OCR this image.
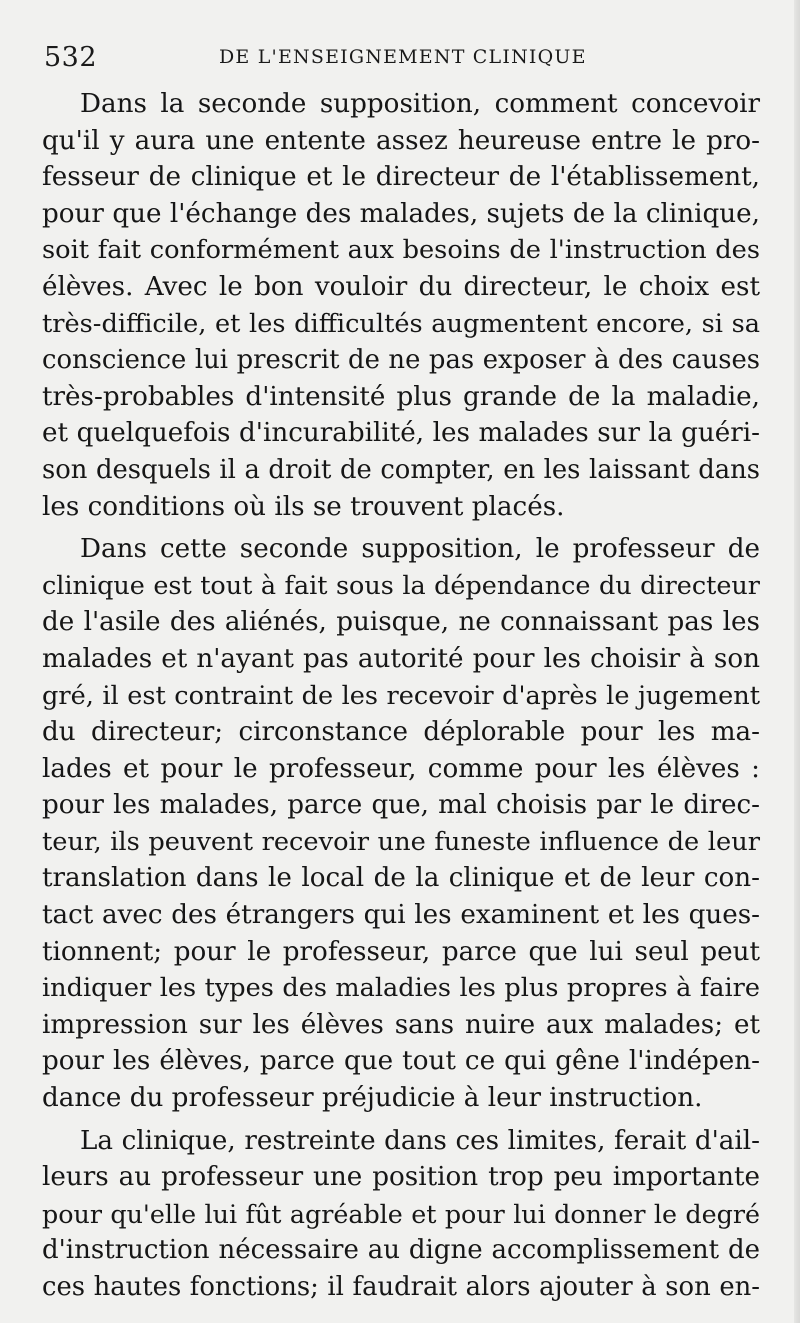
532	DE L'ENSEIGNEMENT CLINIQUE
Dans la seconde supposition, comment concevoir
qu'il y aura une entente assez heureuse entre le pro-
fesseur de clinique et le directeur de l'établissement,
pour que l'échange des malades, sujets de la clinique,
soit fait conformément aux besoins de l'instruction des
élèves. Avec le bon vouloir du directeur, le choix est
très-difficile, et les difficultés augmentent encore, si sa
conscience lui prescrit de ne pas exposer à des causes
très-probables d'intensité plus grande de la maladie,
et quelquefois d'incurabilité, les malades sur la guéri-
son desquels il a droit de compter, en les laissant dans
les conditions où ils se trouvent placés.
Dans cette seconde supposition, le professeur de
clinique est tout à fait sous la dépendance du directeur
de l'asile des aliénés, puisque, ne connaissant pas les
malades et n'ayant pas autorité pour les choisir à son
gré, il est contraint de les recevoir d'après le jugement
du directeur; circonstance déplorable pour les ma-
lades et pour le professeur, comme pour les élèves :
pour les malades, parce que, mal choisis par le direc-
teur, ils peuvent recevoir une funeste influence de leur
translation dans le local de la clinique et de leur con-
tact avec des étrangers qui les examinent et les ques-
tionnent; pour le professeur, parce que lui seul peut
indiquer les types des maladies les plus propres à faire
impression sur les élèves sans nuire aux malades; et
pour les élèves, parce que tout ce qui gêne l'indépen-
dance du professeur préjudicie à leur instruction.
La clinique, restreinte dans ces limites, ferait d'ail-
leurs au professeur une position trop peu importante
pour qu'elle lui fût agréable et pour lui donner le degré
d'instruction nécessaire au digne accomplissement de
ces hautes fonctions; il faudrait alors ajouter à son en-
